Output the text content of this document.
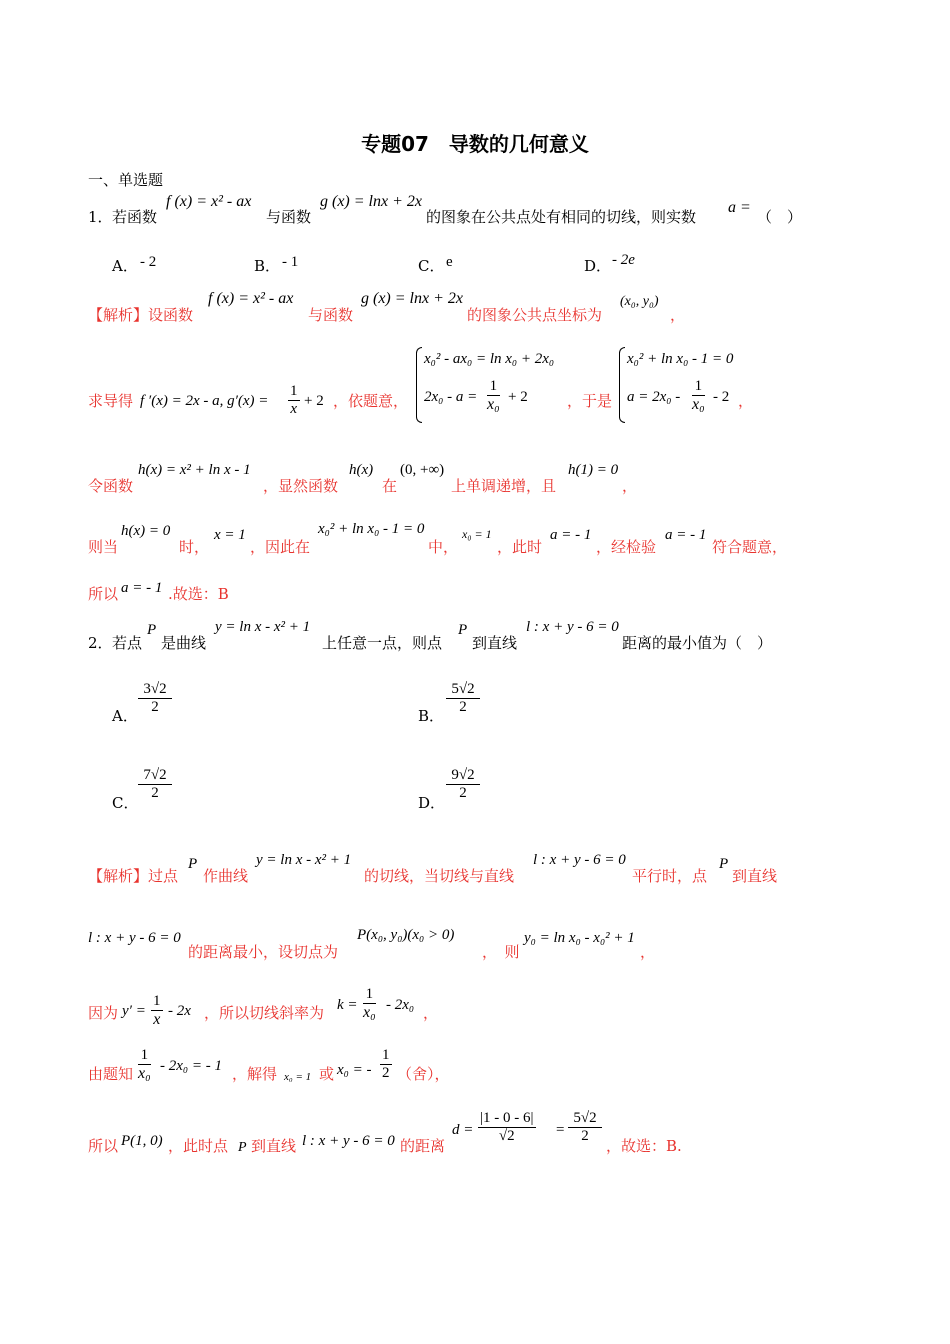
专题07　导数的几何意义
一、单选题
1． 若函数
f (x) = x² - ax
与函数
g (x) = lnx + 2x
的图象在公共点处有相同的切线，则实数
a =
（　）
A． - 2	B． - 1	C． e	D． - 2e
【解析】设函数
f (x) = x² - ax
与函数
g (x) = lnx + 2x
的图象公共点坐标为
(x₀, y₀)
，
求导得 f ′(x) = 2x - a, g′(x) =
1
x + 2 ，依题意，
x₀² - ax₀ = ln x₀ + 2x₀
2x₀ - a =
1
x₀ + 2	，于是
x₀² + ln x₀ - 1 = 0
a = 2x₀ -
1
x₀ - 2 ，
令函数
h(x) = x² + ln x - 1
，显然函数
h(x)
在
(0, +∞)
上单调递增，且
h(1) = 0
，
则当
h(x) = 0
时，
x = 1
，因此在
x₀² + ln x₀ - 1 = 0
中，
x₀ = 1
，此时
a = - 1
，经检验
a = - 1
符合题意，
所以 a = - 1 .故选：B
2． 若点
P
是曲线
y = ln x - x² + 1
上任意一点，则点
P
到直线
l : x + y - 6 = 0
距离的最小值为（　）
A．
3√2
2	B．
5√2
2
C．
7√2
2
D．
9√2
2
【解析】过点
P
作曲线
y = ln x - x² + 1
的切线，当切线与直线
l : x + y - 6 = 0
平行时，点
P
到直线
l : x + y - 6 = 0
的距离最小，设切点为
P(x₀, y₀)(x₀ > 0)
，　则
y₀ = ln x₀ - x₀² + 1
，
因为 y′ =
1
x - 2x ，所以切线斜率为 k =
1
x₀ - 2x₀ ，
由题知
1
x₀ - 2x₀ = - 1 ，解得 x₀ = 1 或 x₀ = -
1
2 （舍），
所以 P(1, 0) ，此时点 P 到直线 l : x + y - 6 = 0 的距离
d =
|1 - 0 - 6|
√2	=
5√2
2
，故选：B.
